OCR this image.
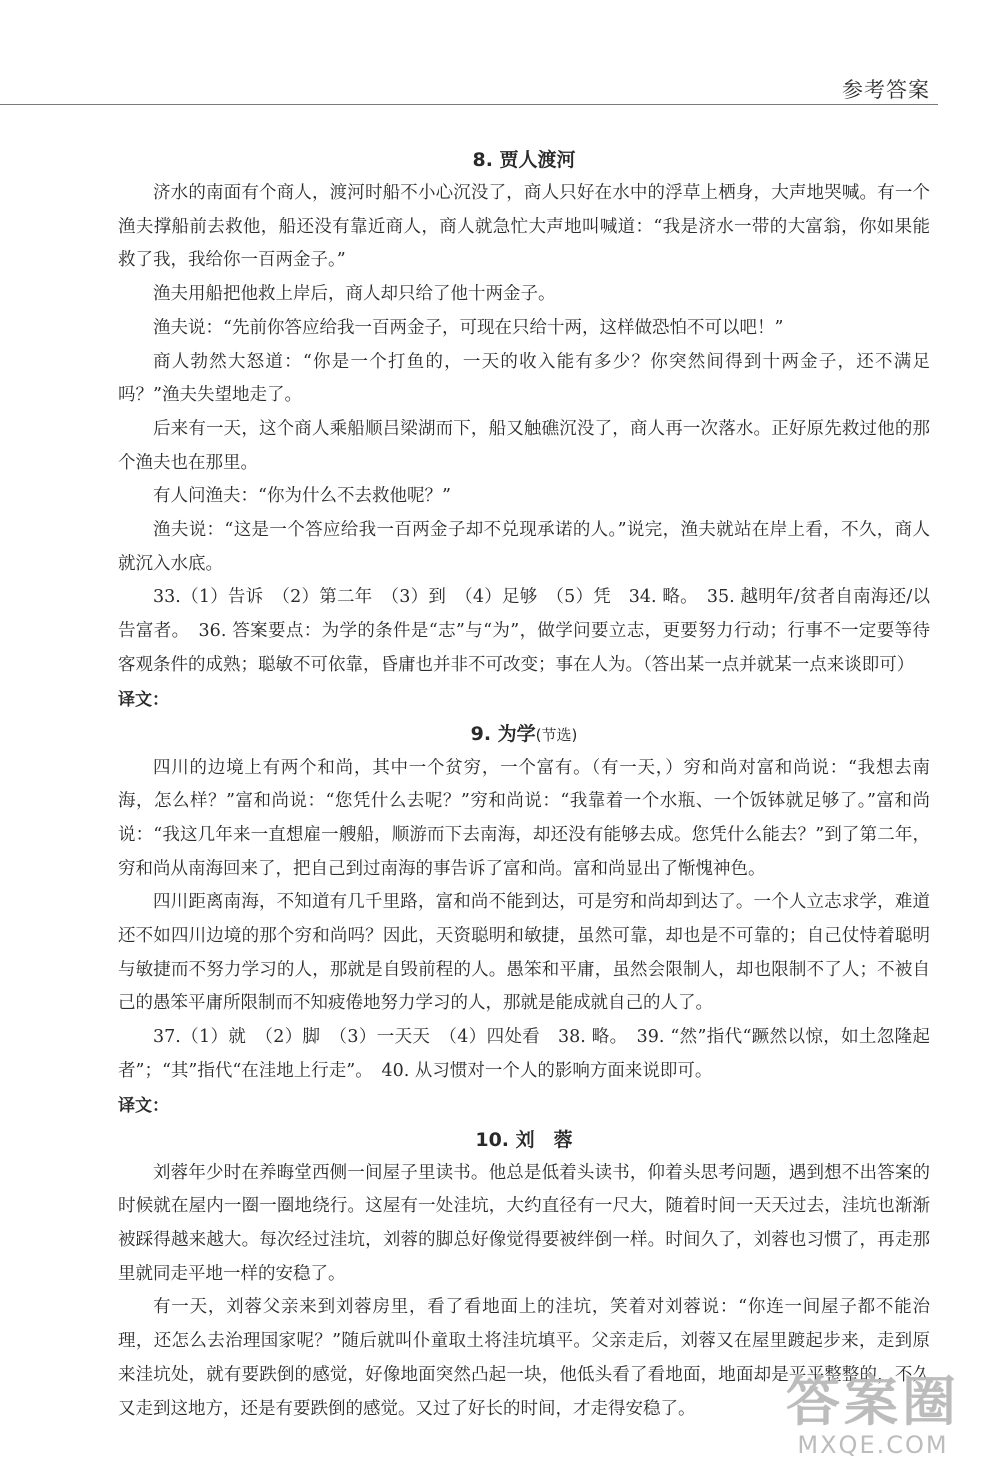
参考答案
8. 贾人渡河

济水的南面有个商人，渡河时船不小心沉没了，商人只好在水中的浮草上栖身，大声地哭喊。有一个渔夫撑船前去救他，船还没有靠近商人，商人就急忙大声地叫喊道：“我是济水一带的大富翁，你如果能救了我，我给你一百两金子。”

渔夫用船把他救上岸后，商人却只给了他十两金子。

渔夫说：“先前你答应给我一百两金子，可现在只给十两，这样做恐怕不可以吧！”

商人勃然大怒道：“你是一个打鱼的，一天的收入能有多少？你突然间得到十两金子，还不满足吗？”渔夫失望地走了。

后来有一天，这个商人乘船顺吕梁湖而下，船又触礁沉没了，商人再一次落水。正好原先救过他的那个渔夫也在那里。

有人问渔夫：“你为什么不去救他呢？”

渔夫说：“这是一个答应给我一百两金子却不兑现承诺的人。”说完，渔夫就站在岸上看，不久，商人就沉入水底。

33.（1）告诉　（2）第二年　（3）到　（4）足够　（5）凭　34. 略。　35. 越明年/贫者自南海还/以告富者。　36. 答案要点：为学的条件是“志”与“为”，做学问要立志，更要努力行动；行事不一定要等待客观条件的成熟；聪敏不可依靠，昏庸也并非不可改变；事在人为。（答出某一点并就某一点来谈即可）

译文：
9. 为学(节选)

四川的边境上有两个和尚，其中一个贫穷，一个富有。（有一天，）穷和尚对富和尚说：“我想去南海，怎么样？”富和尚说：“您凭什么去呢？”穷和尚说：“我靠着一个水瓶、一个饭钵就足够了。”富和尚说：“我这几年来一直想雇一艘船，顺游而下去南海，却还没有能够去成。您凭什么能去？”到了第二年，穷和尚从南海回来了，把自己到过南海的事告诉了富和尚。富和尚显出了惭愧神色。

四川距离南海，不知道有几千里路，富和尚不能到达，可是穷和尚却到达了。一个人立志求学，难道还不如四川边境的那个穷和尚吗？因此，天资聪明和敏捷，虽然可靠，却也是不可靠的；自己仗恃着聪明与敏捷而不努力学习的人，那就是自毁前程的人。愚笨和平庸，虽然会限制人，却也限制不了人；不被自己的愚笨平庸所限制而不知疲倦地努力学习的人，那就是能成就自己的人了。

37.（1）就　（2）脚　（3）一天天　（4）四处看　38. 略。　39. “然”指代“蹶然以惊，如土忽隆起者”；“其”指代“在洼地上行走”。　40. 从习惯对一个人的影响方面来说即可。

译文：
10. 刘　蓉

刘蓉年少时在养晦堂西侧一间屋子里读书。他总是低着头读书，仰着头思考问题，遇到想不出答案的时候就在屋内一圈一圈地绕行。这屋有一处洼坑，大约直径有一尺大，随着时间一天天过去，洼坑也渐渐被踩得越来越大。每次经过洼坑，刘蓉的脚总好像觉得要被绊倒一样。时间久了，刘蓉也习惯了，再走那里就同走平地一样的安稳了。

有一天，刘蓉父亲来到刘蓉房里，看了看地面上的洼坑，笑着对刘蓉说：“你连一间屋子都不能治理，还怎么去治理国家呢？”随后就叫仆童取土将洼坑填平。父亲走后，刘蓉又在屋里踱起步来，走到原来洼坑处，就有要跌倒的感觉，好像地面突然凸起一块，他低头看了看地面，地面却是平平整整的，不久又走到这地方，还是有要跌倒的感觉。又过了好长的时间，才走得安稳了。	答案圈
MXQE.COM
